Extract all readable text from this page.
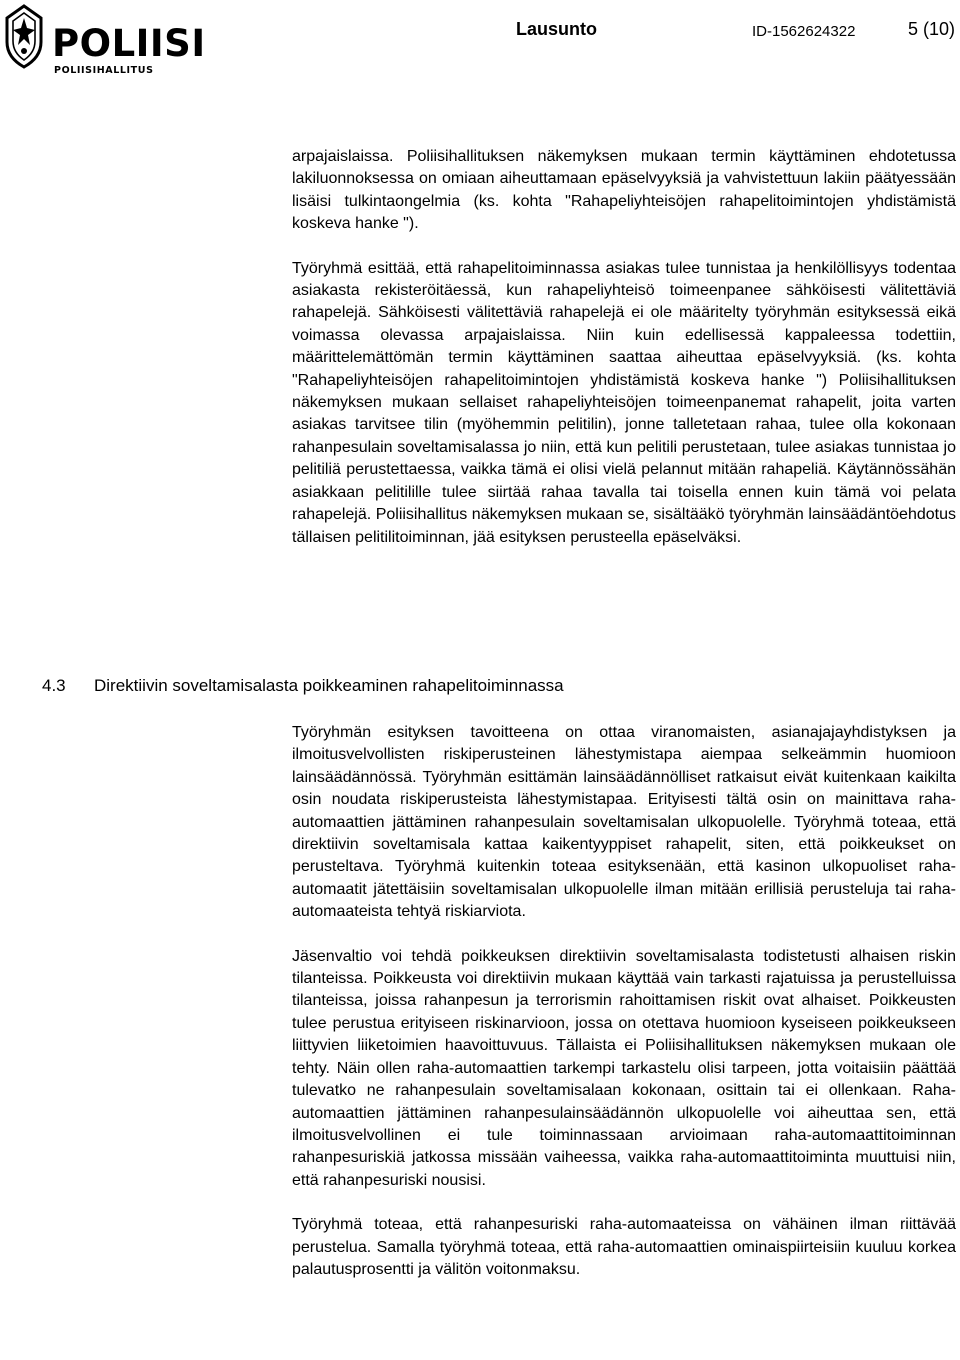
POLIISI
POLIISIHALLITUS
Lausunto	ID-1562624322	5 (10)

arpajaislaissa. Poliisihallituksen näkemyksen mukaan termin käyttäminen ehdotetussa lakiluonnoksessa on omiaan aiheuttamaan epäselvyyksiä ja vahvistettuun lakiin päätyessään lisäisi tulkintaongelmia (ks. kohta "Rahapeliyhteisöjen rahapelitoimintojen yhdistämistä koskeva hanke ").

Työryhmä esittää, että rahapelitoiminnassa asiakas tulee tunnistaa ja henkilöllisyys todentaa asiakasta rekisteröitäessä, kun rahapeliyhteisö toimeenpanee sähköisesti välitettäviä rahapelejä. Sähköisesti välitettäviä rahapelejä ei ole määritelty työryhmän esityksessä eikä voimassa olevassa arpajaislaissa. Niin kuin edellisessä kappaleessa todettiin, määrittelemättömän termin käyttäminen saattaa aiheuttaa epäselvyyksiä. (ks. kohta "Rahapeliyhteisöjen rahapelitoimintojen yhdistämistä koskeva hanke ") Poliisihallituksen näkemyksen mukaan sellaiset rahapeliyhteisöjen toimeenpanemat rahapelit, joita varten asiakas tarvitsee tilin (myöhemmin pelitilin), jonne talletetaan rahaa, tulee olla kokonaan rahanpesulain soveltamisalassa jo niin, että kun pelitili perustetaan, tulee asiakas tunnistaa jo pelitiliä perustettaessa, vaikka tämä ei olisi vielä pelannut mitään rahapeliä. Käytännössähän asiakkaan pelitilille tulee siirtää rahaa tavalla tai toisella ennen kuin tämä voi pelata rahapelejä. Poliisihallitus näkemyksen mukaan se, sisältääkö työryhmän lainsäädäntöehdotus tällaisen pelitilitoiminnan, jää esityksen perusteella epäselväksi.

4.3 Direktiivin soveltamisalasta poikkeaminen rahapelitoiminnassa

Työryhmän esityksen tavoitteena on ottaa viranomaisten, asianajajayhdistyksen ja ilmoitusvelvollisten riskiperusteinen lähestymistapa aiempaa selkeämmin huomioon lainsäädännössä. Työryhmän esittämän lainsäädännölliset ratkaisut eivät kuitenkaan kaikilta osin noudata riskiperusteista lähestymistapaa. Erityisesti tältä osin on mainittava raha-automaattien jättäminen rahanpesulain soveltamisalan ulkopuolelle. Työryhmä toteaa, että direktiivin soveltamisala kattaa kaikentyyppiset rahapelit, siten, että poikkeukset on perusteltava. Työryhmä kuitenkin toteaa esityksenään, että kasinon ulkopuoliset raha-automaatit jätettäisiin soveltamisalan ulkopuolelle ilman mitään erillisiä perusteluja tai raha-automaateista tehtyä riskiarviota.

Jäsenvaltio voi tehdä poikkeuksen direktiivin soveltamisalasta todistetusti alhaisen riskin tilanteissa. Poikkeusta voi direktiivin mukaan käyttää vain tarkasti rajatuissa ja perustelluissa tilanteissa, joissa rahanpesun ja terrorismin rahoittamisen riskit ovat alhaiset. Poikkeusten tulee perustua erityiseen riskinarvioon, jossa on otettava huomioon kyseiseen poikkeukseen liittyvien liiketoimien haavoittuvuus. Tällaista ei Poliisihallituksen näkemyksen mukaan ole tehty. Näin ollen raha-automaattien tarkempi tarkastelu olisi tarpeen, jotta voitaisiin päättää tulevatko ne rahanpesulain soveltamisalaan kokonaan, osittain tai ei ollenkaan. Raha-automaattien jättäminen rahanpesulainsäädännön ulkopuolelle voi aiheuttaa sen, että ilmoitusvelvollinen ei tule toiminnassaan arvioimaan raha-automaattitoiminnan rahanpesuriskiä jatkossa missään vaiheessa, vaikka raha-automaattitoiminta muuttuisi niin, että rahanpesuriski nousisi.

Työryhmä toteaa, että rahanpesuriski raha-automaateissa on vähäinen ilman riittävää perustelua. Samalla työryhmä toteaa, että raha-automaattien ominaispiirteisiin kuuluu korkea palautusprosentti ja välitön voitonmaksu.
